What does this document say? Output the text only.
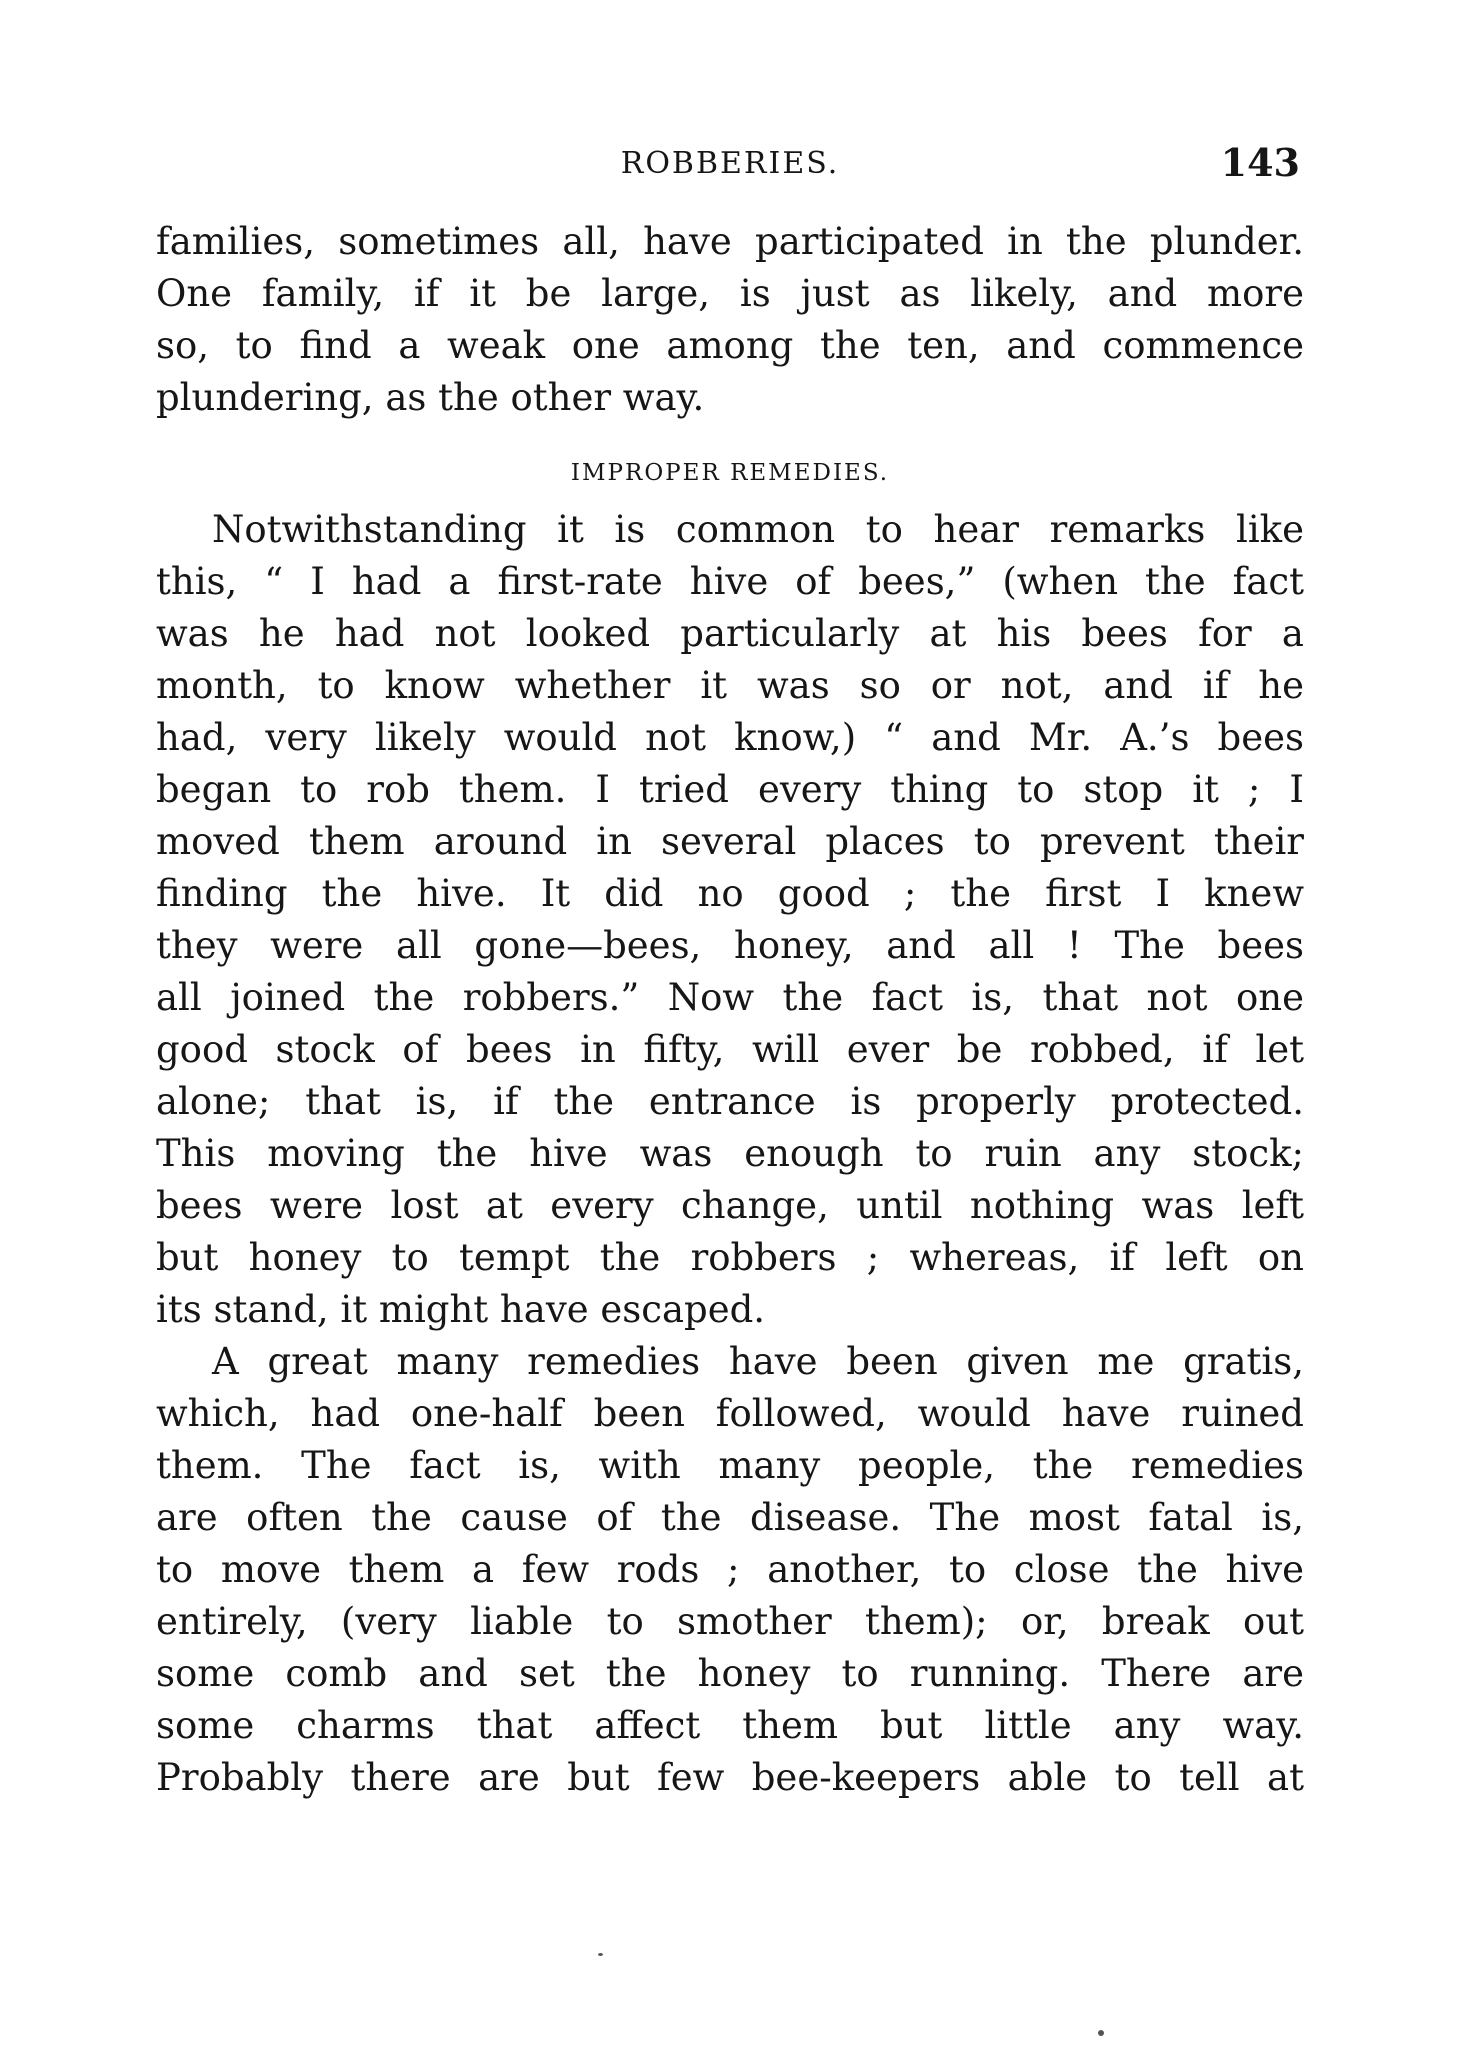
ROBBERIES.	143
families, sometimes all, have participated in the plunder.
One family, if it be large, is just as likely, and more
so, to find a weak one among the ten, and commence
plundering, as the other way.
IMPROPER REMEDIES.
Notwithstanding it is common to hear remarks like
this, “ I had a first-rate hive of bees,” (when the fact
was he had not looked particularly at his bees for a
month, to know whether it was so or not, and if he
had, very likely would not know,) “ and Mr. A.’s bees
began to rob them. I tried every thing to stop it ; I
moved them around in several places to prevent their
finding the hive. It did no good ; the first I knew
they were all gone—bees, honey, and all ! The bees
all joined the robbers.” Now the fact is, that not one
good stock of bees in fifty, will ever be robbed, if let
alone; that is, if the entrance is properly protected.
This moving the hive was enough to ruin any stock;
bees were lost at every change, until nothing was left
but honey to tempt the robbers ; whereas, if left on
its stand, it might have escaped.
A great many remedies have been given me gratis,
which, had one-half been followed, would have ruined
them. The fact is, with many people, the remedies
are often the cause of the disease. The most fatal is,
to move them a few rods ; another, to close the hive
entirely, (very liable to smother them); or, break out
some comb and set the honey to running. There are
some charms that affect them but little any way.
Probably there are but few bee-keepers able to tell at
